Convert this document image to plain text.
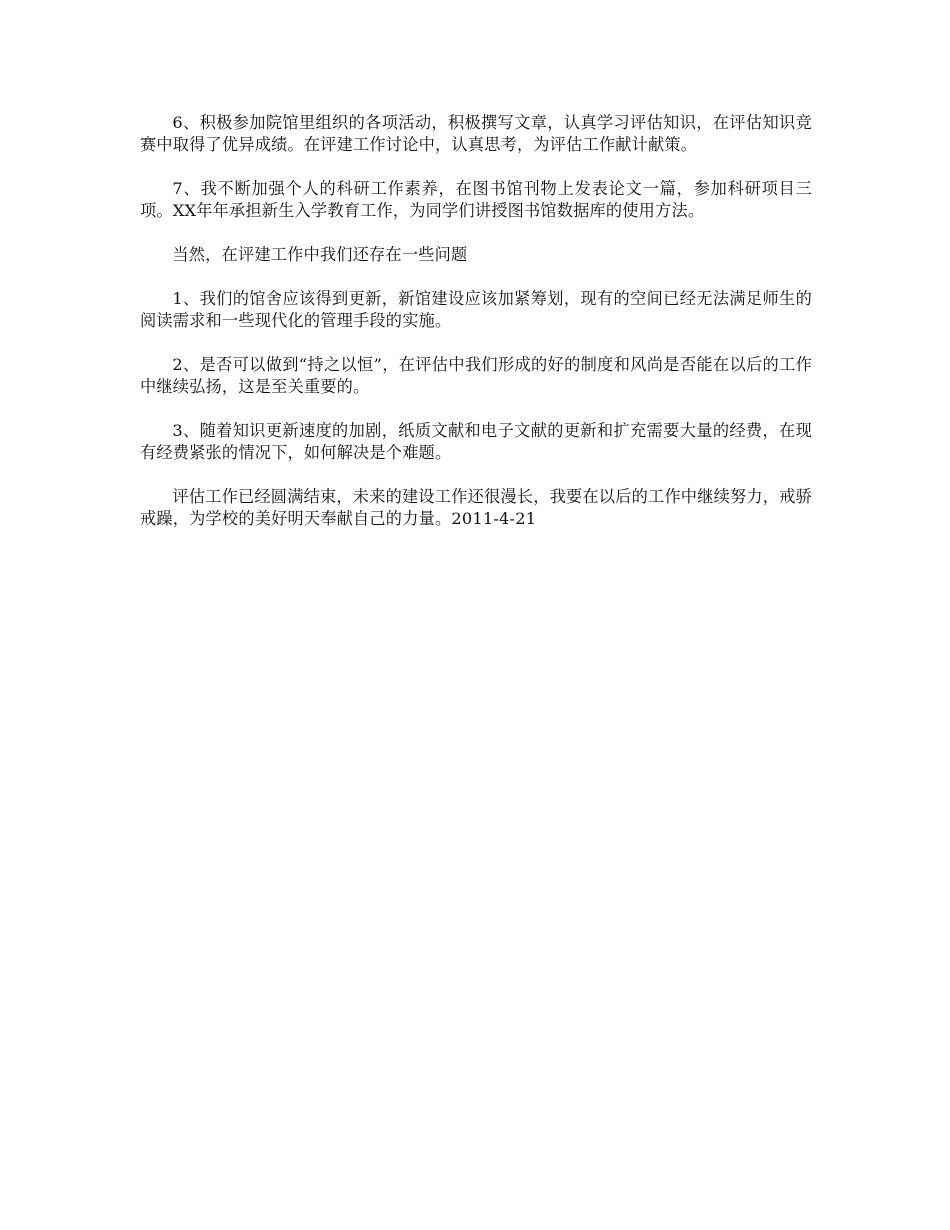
6、积极参加院馆里组织的各项活动，积极撰写文章，认真学习评估知识，在评估知识竞赛中取得了优异成绩。在评建工作讨论中，认真思考，为评估工作献计献策。

7、我不断加强个人的科研工作素养，在图书馆刊物上发表论文一篇，参加科研项目三项。XX年年承担新生入学教育工作，为同学们讲授图书馆数据库的使用方法。

当然，在评建工作中我们还存在一些问题

1、我们的馆舍应该得到更新，新馆建设应该加紧筹划，现有的空间已经无法满足师生的阅读需求和一些现代化的管理手段的实施。

2、是否可以做到“持之以恒”，在评估中我们形成的好的制度和风尚是否能在以后的工作中继续弘扬，这是至关重要的。

3、随着知识更新速度的加剧，纸质文献和电子文献的更新和扩充需要大量的经费，在现有经费紧张的情况下，如何解决是个难题。

评估工作已经圆满结束，未来的建设工作还很漫长，我要在以后的工作中继续努力，戒骄戒躁，为学校的美好明天奉献自己的力量。2011-4-21
